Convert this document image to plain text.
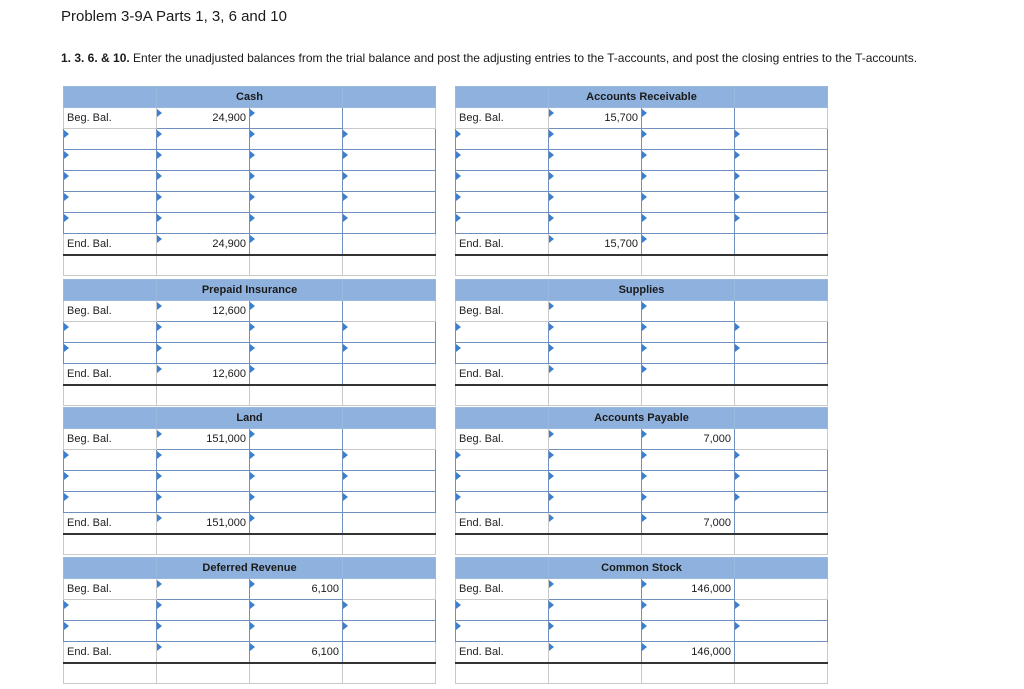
Problem 3-9A Parts 1, 3, 6 and 10
1. 3. 6. & 10. Enter the unadjusted balances from the trial balance and post the adjusting entries to the T-accounts, and post the closing entries to the T-accounts.
	Cash		
Beg. Bal.	24,900		

End. Bal.	24,900		

	Accounts Receivable		
Beg. Bal.	15,700		

End. Bal.	15,700		

	Prepaid Insurance		
Beg. Bal.	12,600		

End. Bal.	12,600		

	Supplies		
Beg. Bal.			

End. Bal.			

	Land		
Beg. Bal.	151,000		

End. Bal.	151,000		

	Accounts Payable		
Beg. Bal.		7,000	

End. Bal.		7,000	

	Deferred Revenue		
Beg. Bal.		6,100	

End. Bal.		6,100	

	Common Stock		
Beg. Bal.		146,000	

End. Bal.		146,000	
